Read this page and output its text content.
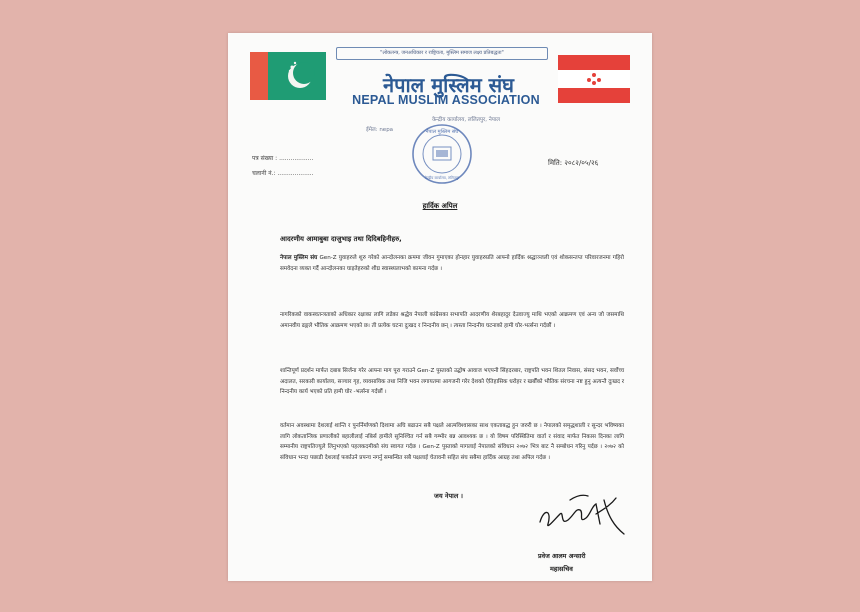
"लोकतन्त्र, जनअधिकार र राष्ट्रियता, मुस्लिम समाज लक्ष्य प्रतिबद्धता"
नेपाल मुस्लिम संघ
NEPAL MUSLIM ASSOCIATION
केन्द्रीय कार्यालय, ललितपुर, नेपाल
ईमेल: nepa	नेपाल मुस्लिम संघ
केन्द्रीय कार्यालय, ललितपुर
पत्र संख्या : ..................
चलानी नं.: ...................
मिति: २०८२/०५/२६
हार्दिक अपिल
आदरणीय आमाबुबा दाजुभाइ तथा दिदिबहिनीहरु,
नेपाल मुस्लिम संघ Gen-Z युवाहरुले शुरु गरेको आन्दोलनका क्रममा जीवन गुमाएका होनहार युवाहरुप्रति आफ्नो हार्दिक श्रद्धाञ्जली एवं शोकसन्तप्त परिवारजनमा गहिरो समवेदना व्यक्त गर्दै आन्दोलनका घाइतेहरुको शीघ्र स्वास्थ्यलाभको कामना गर्दछ ।
नागरिकको वाकस्वतन्त्रताको अधिकार रक्षाका लागि लडेका श्रद्धेय नेपाली कांग्रेसका सभापति आदरणीय शेरबहादुर देउवाज्यु माथि भएको आक्रमण एवं अन्य जो जसमाथि अमानवीय ढङ्गले भौतिक आक्रमण भएको छ। ती प्रत्येक घटना दुःखद र निन्दनीय छन् । त्यस्ता निन्दनीय घटनाको हामी घोर-भर्त्सना गर्दछौं ।
शान्तिपूर्ण प्रदर्शन मार्फत दबाब सिर्जना गरेर आफ्ना माग पूरा गराउने Gen-Z पुस्ताको उद्घोष आवाज भएपनी सिंहदरबार, राष्ट्रपति भवन शितल निवास, संसद भवन, सर्वोच्च अदालत, सरकारी कार्यालय, सञ्चार गृह, व्यवसायिक तथा निजि भवन लगायतमा आगजनी गरेर देशको ऐतिहासिक धरोहर र खर्बौंको भौतिक संरचना नष्ट हुनु अत्यन्तै दुःखद र निन्दनीय कार्य भएको प्रति हामी घोर -भर्त्सना गर्दछौं ।
वर्तमान अवस्थामा देशलाई शान्ति र पुनर्निर्माणको दिशामा अघि बढाउन सबै पक्षले आत्मविश्वासका साथ एकताबद्ध हुन जरुरी छ । नेपालको समृद्धशाली र सुन्दर भविष्यका लागि लोकतान्त्रिक प्रणालीको बहालीलाई नबिर्स हामीले सुनिश्चित गर्न सबै गम्भीर बन्न आवश्यक छ । यो विषम परिस्थितिमा वार्ता र संवाद मार्फत निकास दिनका लागि सम्मानीय राष्ट्रपतिज्यूले लिनुभएको पहलकदमीको संघ स्वागत गर्दछ । Gen-Z पुस्ताको मागलाई नेपालको संविधान २०७२ भित्र बाट नै सम्बोधन गरिनु पर्दछ । २०७२ को संविधान भन्दा पछाडी देशलाई फर्काउने प्रपन्च नगर्नु सम्बन्धित सबै पक्षलाई चेतावनी सहित संघ सबैमा हार्दिक आग्रह तथा अपिल गर्दछ ।
जय नेपाल ।
प्रवेज आलम अन्सारी
महासचिव
